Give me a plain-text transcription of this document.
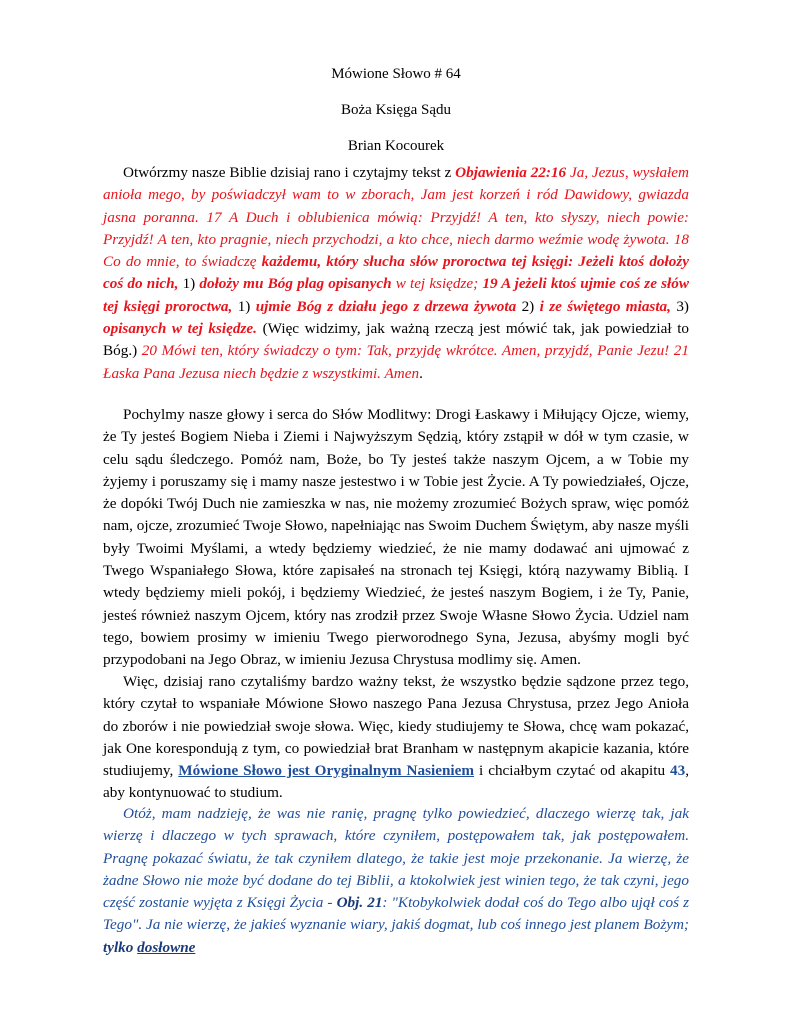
Mówione Słowo # 64

Boża Księga Sądu

Brian Kocourek

Otwórzmy nasze Biblie dzisiaj rano i czytajmy tekst z Objawienia 22:16 Ja, Jezus, wysłałem anioła mego, by poświadczył wam to w zborach, Jam jest korzeń i ród Dawidowy, gwiazda jasna poranna. 17 A Duch i oblubienica mówią: Przyjdź! A ten, kto słyszy, niech powie: Przyjdź! A ten, kto pragnie, niech przychodzi, a kto chce, niech darmo weźmie wodę żywota. 18 Co do mnie, to świadczę każdemu, który słucha słów proroctwa tej księgi: Jeżeli ktoś dołoży coś do nich, 1) dołoży mu Bóg plag opisanych w tej księdze; 19 A jeżeli ktoś ujmie coś ze słów tej księgi proroctwa, 1) ujmie Bóg z działu jego z drzewa żywota 2) i ze świętego miasta, 3) opisanych w tej księdze. (Więc widzimy, jak ważną rzeczą jest mówić tak, jak powiedział to Bóg.) 20 Mówi ten, który świadczy o tym: Tak, przyjdę wkrótce. Amen, przyjdź, Panie Jezu! 21 Łaska Pana Jezusa niech będzie z wszystkimi. Amen.

Pochylmy nasze głowy i serca do Słów Modlitwy: Drogi Łaskawy i Miłujący Ojcze, wiemy, że Ty jesteś Bogiem Nieba i Ziemi i Najwyższym Sędzią, który zstąpił w dół w tym czasie, w celu sądu śledczego. Pomóż nam, Boże, bo Ty jesteś także naszym Ojcem, a w Tobie my żyjemy i poruszamy się i mamy nasze jestestwo i w Tobie jest Życie. A Ty powiedziałeś, Ojcze, że dopóki Twój Duch nie zamieszka w nas, nie możemy zrozumieć Bożych spraw, więc pomóż nam, ojcze, zrozumieć Twoje Słowo, napełniając nas Swoim Duchem Świętym, aby nasze myśli były Twoimi Myślami, a wtedy będziemy wiedzieć, że nie mamy dodawać ani ujmować z Twego Wspaniałego Słowa, które zapisałeś na stronach tej Księgi, którą nazywamy Biblią. I wtedy będziemy mieli pokój, i będziemy Wiedzieć, że jesteś naszym Bogiem, i że Ty, Panie, jesteś również naszym Ojcem, który nas zrodził przez Swoje Własne Słowo Życia. Udziel nam tego, bowiem prosimy w imieniu Twego pierworodnego Syna, Jezusa, abyśmy mogli być przypodobani na Jego Obraz, w imieniu Jezusa Chrystusa modlimy się. Amen.

Więc, dzisiaj rano czytaliśmy bardzo ważny tekst, że wszystko będzie sądzone przez tego, który czytał to wspaniałe Mówione Słowo naszego Pana Jezusa Chrystusa, przez Jego Anioła do zborów i nie powiedział swoje słowa. Więc, kiedy studiujemy te Słowa, chcę wam pokazać, jak One korespondują z tym, co powiedział brat Branham w następnym akapicie kazania, które studiujemy, Mówione Słowo jest Oryginalnym Nasieniem i chciałbym czytać od akapitu 43, aby kontynuować to studium.

Otóż, mam nadzieję, że was nie ranię, pragnę tylko powiedzieć, dlaczego wierzę tak, jak wierzę i dlaczego w tych sprawach, które czyniłem, postępowałem tak, jak postępowałem. Pragnę pokazać światu, że tak czyniłem dlatego, że takie jest moje przekonanie. Ja wierzę, że żadne Słowo nie może być dodane do tej Biblii, a ktokolwiek jest winien tego, że tak czyni, jego część zostanie wyjęta z Księgi Życia - Obj. 21: "Ktobykolwiek dodał coś do Tego albo ujął coś z Tego". Ja nie wierzę, że jakieś wyznanie wiary, jakiś dogmat, lub coś innego jest planem Bożym; tylko dosłowne
